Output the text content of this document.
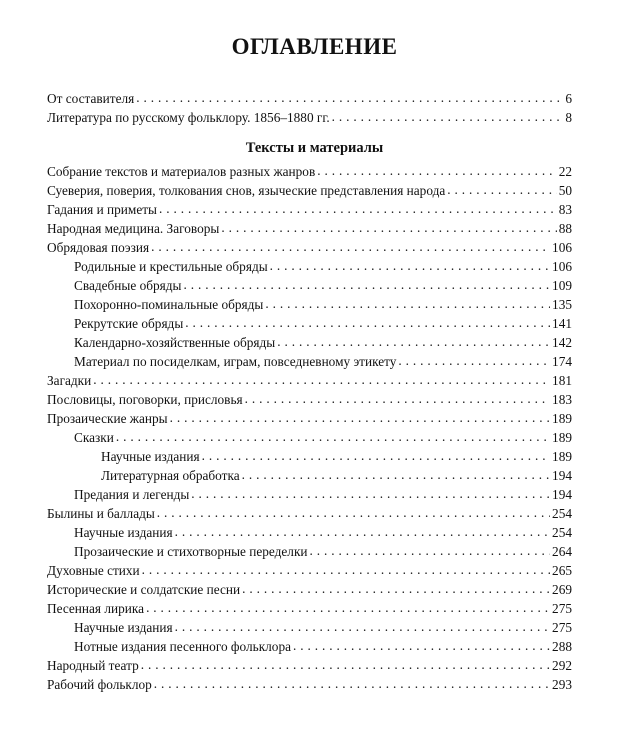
ОГЛАВЛЕНИЕ
От составителя . . .	6
Литература по русскому фольклору. 1856–1880 гг. . . .	8
Тексты и материалы
Собрание текстов и материалов разных жанров . . .	22
Суеверия, поверия, толкования снов, языческие представления народа . . .	50
Гадания и приметы . . .	83
Народная медицина. Заговоры . . .	88
Обрядовая поэзия . . .	106
Родильные и крестильные обряды . . .	106
Свадебные обряды . . .	109
Похоронно-поминальные обряды . . .	135
Рекрутские обряды . . .	141
Календарно-хозяйственные обряды . . .	142
Материал по посиделкам, играм, повседневному этикету . . .	174
Загадки . . .	181
Пословицы, поговорки, присловья . . .	183
Прозаические жанры . . .	189
Сказки . . .	189
Научные издания . . .	189
Литературная обработка . . .	194
Предания и легенды . . .	194
Былины и баллады . . .	254
Научные издания . . .	254
Прозаические и стихотворные переделки . . .	264
Духовные стихи . . .	265
Исторические и солдатские песни . . .	269
Песенная лирика . . .	275
Научные издания . . .	275
Нотные издания песенного фольклора . . .	288
Народный театр . . .	292
Рабочий фольклор . . .	293
